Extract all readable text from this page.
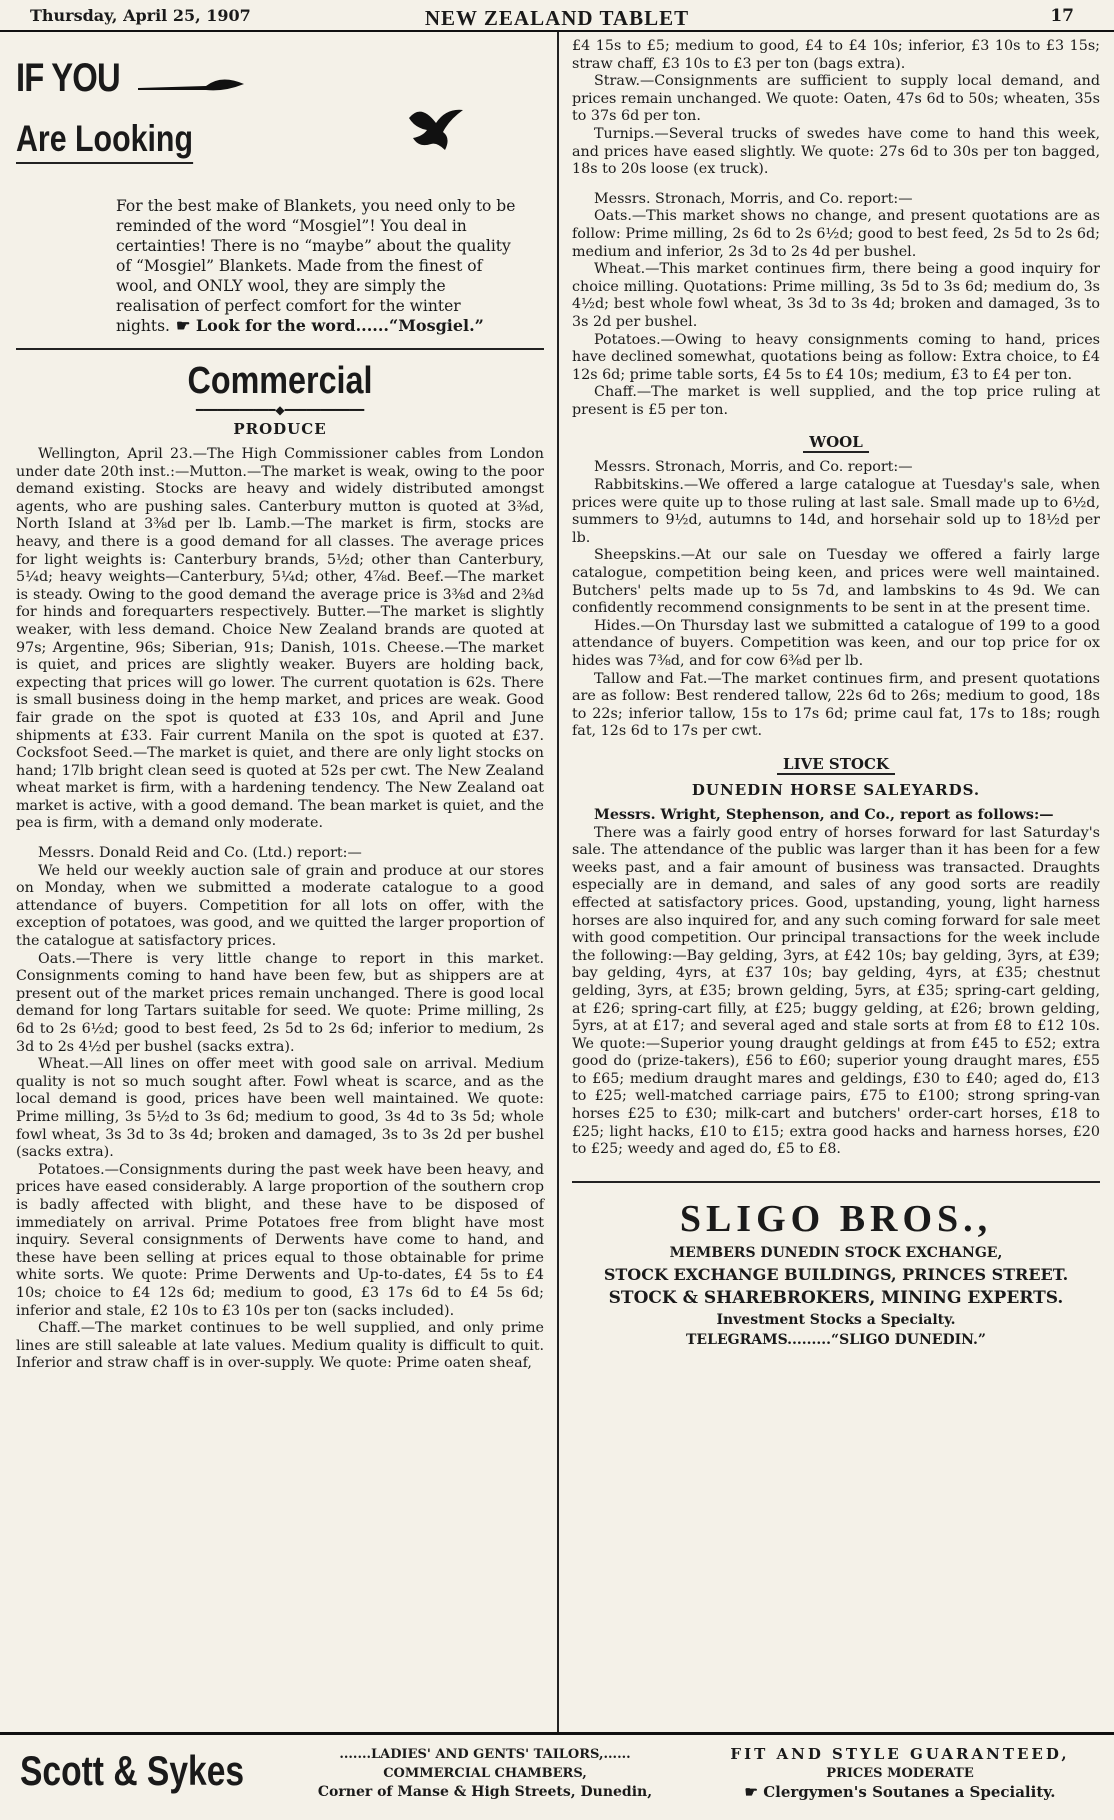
Thursday, April 25, 1907	NEW ZEALAND TABLET	17
IF YOU
Are Looking

For the best make of Blankets, you need only to be reminded of the word “Mosgiel”! You deal in certainties! There is no “maybe” about the quality of “Mosgiel” Blankets. Made from the finest of wool, and ONLY wool, they are simply the realisation of perfect comfort for the winter nights. ☛ Look for the word......“Mosgiel.”
Commercial

━━━━━━━━━━━◆━━━━━━━━━━━

PRODUCE

Wellington, April 23.—The High Commissioner cables from London under date 20th inst.:—Mutton.—The market is weak, owing to the poor demand existing. Stocks are heavy and widely distributed amongst agents, who are pushing sales. Canterbury mutton is quoted at 3⅜d, North Island at 3⅜d per lb. Lamb.—The market is firm, stocks are heavy, and there is a good demand for all classes. The average prices for light weights is: Canterbury brands, 5½d; other than Canterbury, 5¼d; heavy weights—Canterbury, 5¼d; other, 4⅞d. Beef.—The market is steady. Owing to the good demand the average price is 3⅜d and 2⅜d for hinds and forequarters respectively. Butter.—The market is slightly weaker, with less demand. Choice New Zealand brands are quoted at 97s; Argentine, 96s; Siberian, 91s; Danish, 101s. Cheese.—The market is quiet, and prices are slightly weaker. Buyers are holding back, expecting that prices will go lower. The current quotation is 62s. There is small business doing in the hemp market, and prices are weak. Good fair grade on the spot is quoted at £33 10s, and April and June shipments at £33. Fair current Manila on the spot is quoted at £37. Cocksfoot Seed.—The market is quiet, and there are only light stocks on hand; 17lb bright clean seed is quoted at 52s per cwt. The New Zealand wheat market is firm, with a hardening tendency. The New Zealand oat market is active, with a good demand. The bean market is quiet, and the pea is firm, with a demand only moderate.

Messrs. Donald Reid and Co. (Ltd.) report:—

We held our weekly auction sale of grain and produce at our stores on Monday, when we submitted a moderate catalogue to a good attendance of buyers. Competition for all lots on offer, with the exception of potatoes, was good, and we quitted the larger proportion of the catalogue at satisfactory prices.

Oats.—There is very little change to report in this market. Consignments coming to hand have been few, but as shippers are at present out of the market prices remain unchanged. There is good local demand for long Tartars suitable for seed. We quote: Prime milling, 2s 6d to 2s 6½d; good to best feed, 2s 5d to 2s 6d; inferior to medium, 2s 3d to 2s 4½d per bushel (sacks extra).

Wheat.—All lines on offer meet with good sale on arrival. Medium quality is not so much sought after. Fowl wheat is scarce, and as the local demand is good, prices have been well maintained. We quote: Prime milling, 3s 5½d to 3s 6d; medium to good, 3s 4d to 3s 5d; whole fowl wheat, 3s 3d to 3s 4d; broken and damaged, 3s to 3s 2d per bushel (sacks extra).

Potatoes.—Consignments during the past week have been heavy, and prices have eased considerably. A large proportion of the southern crop is badly affected with blight, and these have to be disposed of immediately on arrival. Prime Potatoes free from blight have most inquiry. Several consignments of Derwents have come to hand, and these have been selling at prices equal to those obtainable for prime white sorts. We quote: Prime Derwents and Up-to-dates, £4 5s to £4 10s; choice to £4 12s 6d; medium to good, £3 17s 6d to £4 5s 6d; inferior and stale, £2 10s to £3 10s per ton (sacks included).

Chaff.—The market continues to be well supplied, and only prime lines are still saleable at late values. Medium quality is difficult to quit. Inferior and straw chaff is in over-supply. We quote: Prime oaten sheaf,

£4 15s to £5; medium to good, £4 to £4 10s; inferior, £3 10s to £3 15s; straw chaff, £3 10s to £3 per ton (bags extra).

Straw.—Consignments are sufficient to supply local demand, and prices remain unchanged. We quote: Oaten, 47s 6d to 50s; wheaten, 35s to 37s 6d per ton.

Turnips.—Several trucks of swedes have come to hand this week, and prices have eased slightly. We quote: 27s 6d to 30s per ton bagged, 18s to 20s loose (ex truck).

Messrs. Stronach, Morris, and Co. report:—

Oats.—This market shows no change, and present quotations are as follow: Prime milling, 2s 6d to 2s 6½d; good to best feed, 2s 5d to 2s 6d; medium and inferior, 2s 3d to 2s 4d per bushel.

Wheat.—This market continues firm, there being a good inquiry for choice milling. Quotations: Prime milling, 3s 5d to 3s 6d; medium do, 3s 4½d; best whole fowl wheat, 3s 3d to 3s 4d; broken and damaged, 3s to 3s 2d per bushel.

Potatoes.—Owing to heavy consignments coming to hand, prices have declined somewhat, quotations being as follow: Extra choice, to £4 12s 6d; prime table sorts, £4 5s to £4 10s; medium, £3 to £4 per ton.

Chaff.—The market is well supplied, and the top price ruling at present is £5 per ton.

WOOL

Messrs. Stronach, Morris, and Co. report:—

Rabbitskins.—We offered a large catalogue at Tuesday's sale, when prices were quite up to those ruling at last sale. Small made up to 6½d, summers to 9½d, autumns to 14d, and horsehair sold up to 18½d per lb.

Sheepskins.—At our sale on Tuesday we offered a fairly large catalogue, competition being keen, and prices were well maintained. Butchers' pelts made up to 5s 7d, and lambskins to 4s 9d. We can confidently recommend consignments to be sent in at the present time.

Hides.—On Thursday last we submitted a catalogue of 199 to a good attendance of buyers. Competition was keen, and our top price for ox hides was 7⅜d, and for cow 6⅜d per lb.

Tallow and Fat.—The market continues firm, and present quotations are as follow: Best rendered tallow, 22s 6d to 26s; medium to good, 18s to 22s; inferior tallow, 15s to 17s 6d; prime caul fat, 17s to 18s; rough fat, 12s 6d to 17s per cwt.

LIVE STOCK

DUNEDIN HORSE SALEYARDS.

Messrs. Wright, Stephenson, and Co., report as follows:—

There was a fairly good entry of horses forward for last Saturday's sale. The attendance of the public was larger than it has been for a few weeks past, and a fair amount of business was transacted. Draughts especially are in demand, and sales of any good sorts are readily effected at satisfactory prices. Good, upstanding, young, light harness horses are also inquired for, and any such coming forward for sale meet with good competition. Our principal transactions for the week include the following:—Bay gelding, 3yrs, at £42 10s; bay gelding, 3yrs, at £39; bay gelding, 4yrs, at £37 10s; bay gelding, 4yrs, at £35; chestnut gelding, 3yrs, at £35; brown gelding, 5yrs, at £35; spring-cart gelding, at £26; spring-cart filly, at £25; buggy gelding, at £26; brown gelding, 5yrs, at at £17; and several aged and stale sorts at from £8 to £12 10s. We quote:—Superior young draught geldings at from £45 to £52; extra good do (prize-takers), £56 to £60; superior young draught mares, £55 to £65; medium draught mares and geldings, £30 to £40; aged do, £13 to £25; well-matched carriage pairs, £75 to £100; strong spring-van horses £25 to £30; milk-cart and butchers' order-cart horses, £18 to £25; light hacks, £10 to £15; extra good hacks and harness horses, £20 to £25; weedy and aged do, £5 to £8.

SLIGO BROS.,
MEMBERS DUNEDIN STOCK EXCHANGE,
STOCK EXCHANGE BUILDINGS, PRINCES STREET.
STOCK & SHAREBROKERS, MINING EXPERTS.
Investment Stocks a Specialty.
TELEGRAMS.........“SLIGO DUNEDIN.”
Scott & Sykes	.......LADIES' AND GENTS' TAILORS,......
COMMERCIAL CHAMBERS,
Corner of Manse & High Streets, Dunedin,
FIT AND STYLE GUARANTEED,
PRICES MODERATE
☛ Clergymen's Soutanes a Speciality.
